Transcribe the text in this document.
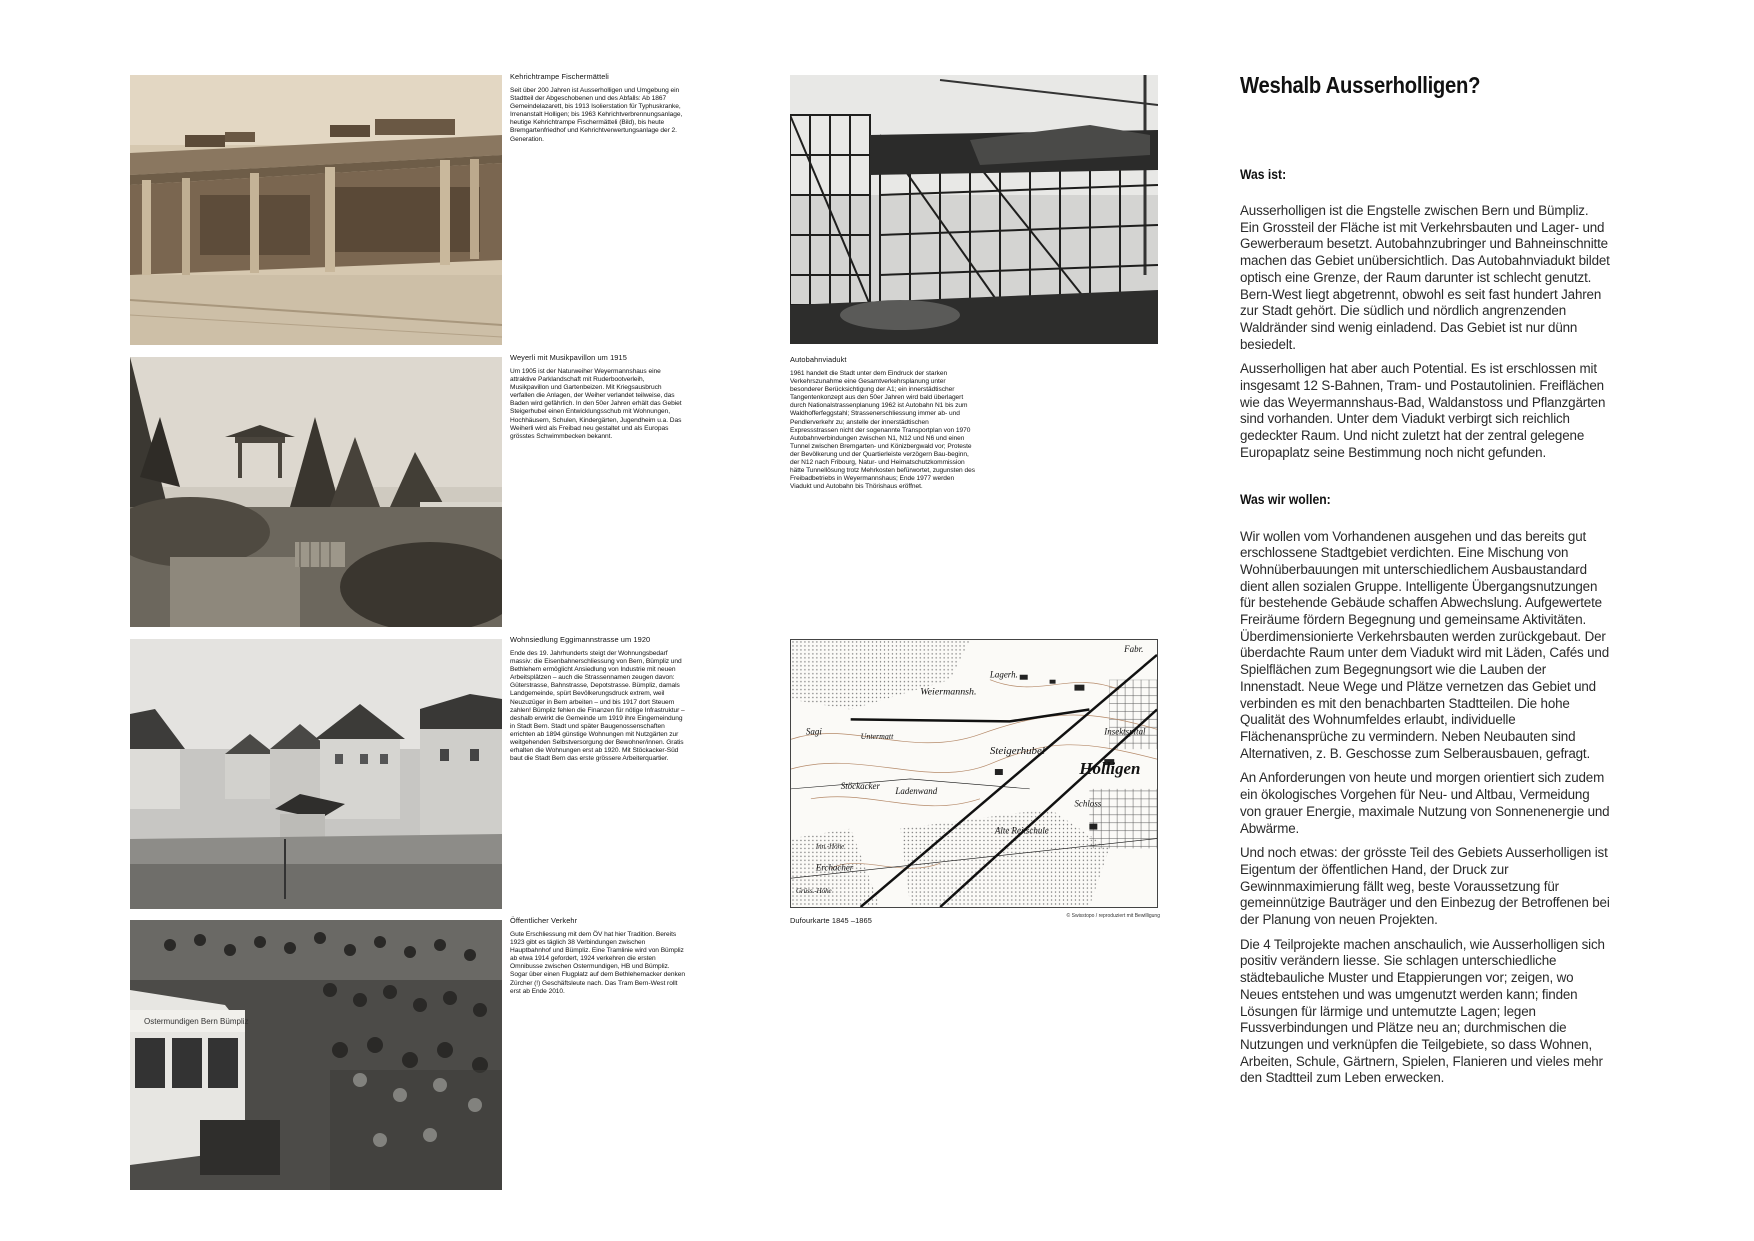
Kehrichtrampe Fischermätteli
Seit über 200 Jahren ist Ausserholligen und Umgebung ein Stadtteil der Abgeschobenen und des Abfalls: Ab 1867 Gemeindelazarett, bis 1913 Isolierstation für Typhuskranke, Irrenanstalt Holligen; bis 1963 Kehrichtverbrennungsanlage, heutige Kehrichtrampe Fischermätteli (Bild), bis heute Bremgartenfriedhof und Kehrichtverwertungsanlage der 2. Generation.
Weyerli mit Musikpavillon um 1915
Um 1905 ist der Naturweiher Weyermannshaus eine attraktive Parklandschaft mit Ruderbootverleih, Musikpavillon und Gartenbeizen. Mit Kriegsausbruch verfallen die Anlagen, der Weiher verlandet teilweise, das Baden wird gefährlich. In den 50er Jahren erhält das Gebiet Steigerhubel einen Entwicklungsschub mit Wohnungen, Hochhäusern, Schulen, Kindergärten, Jugendheim u.a. Das Weiherli wird als Freibad neu gestaltet und als Europas grösstes Schwimmbecken bekannt.
Wohnsiedlung Eggimannstrasse um 1920
Ende des 19. Jahrhunderts steigt der Wohnungsbedarf massiv: die Eisenbahnerschliessung von Bern, Bümpliz und Bethlehem ermöglicht Ansiedlung von Industrie mit neuen Arbeitsplätzen – auch die Strassennamen zeugen davon: Güterstrasse, Bahnstrasse, Depotstrasse. Bümpliz, damals Landgemeinde, spürt Bevölkerungsdruck extrem, weil Neuzuzüger in Bern arbeiten – und bis 1917 dort Steuern zahlen! Bümpliz fehlen die Finanzen für nötige Infrastruktur – deshalb erwirkt die Gemeinde um 1919 ihre Eingemeindung in Stadt Bern. Stadt und später Baugenossenschaften errichten ab 1894 günstige Wohnungen mit Nutzgärten zur weitgehenden Selbstversorgung der Bewohner/innen. Gratis erhalten die Wohnungen erst ab 1920. Mit Stöckacker-Süd baut die Stadt Bern das erste grössere Arbeiterquartier.
Ostermundigen Bern Bümpliz
Öffentlicher Verkehr
Gute Erschliessung mit dem ÖV hat hier Tradition. Bereits 1923 gibt es täglich 38 Verbindungen zwischen Hauptbahnhof und Bümpliz. Eine Tramlinie wird von Bümpliz ab etwa 1914 gefordert, 1924 verkehren die ersten Omnibusse zwischen Ostermundigen, HB und Bümpliz. Sogar über einen Flugplatz auf dem Bethlehemacker denken Zürcher (!) Geschäftsleute nach. Das Tram Bern-West rollt erst ab Ende 2010.
Autobahnviadukt
1961 handelt die Stadt unter dem Eindruck der starken Verkehrszunahme eine Gesamtverkehrsplanung unter besonderer Berücksichtigung der A1; ein innerstädtischer Tangentenkonzept aus den 50er Jahren wird bald überlagert durch Nationalstrassenplanung 1962 ist Autobahn N1 bis zum Waldhofferfeggstahl; Strassenerschliessung immer ab- und Pendlerverkehr zu; anstelle der innerstädtischen Expressstrassen nicht der sogenannte Transportplan von 1970 Autobahnverbindungen zwischen N1, N12 und N6 und einen Tunnel zwischen Bremgarten- und Könizbergwald vor; Proteste der Bevölkerung und der Quartierleiste verzögern Bau-beginn, der N12 nach Fribourg, Natur- und Heimatschutzkommission hätte Tunnellösung trotz Mehrkosten befürwortet, zugunsten des Freibadbetriebs in Weyermannshaus; Ende 1977 werden Viadukt und Autobahn bis Thörishaus eröffnet.
Weiermannsh.
Lagerh.
Holligen
Steigerhubel
Ladenwand
Schloss
Alte Reitschule
Erchacher
Sagi
Stöckacker
Insektspital
Fabr.
Untermatt
Grüss.-Höhe
Inn.-Höhe
Dufourkarte 1845 –1865	© Swisstopo / reproduziert mit Bewilligung
Weshalb Ausserholligen?
Was ist:
Ausserholligen ist die Engstelle zwischen Bern und Bümpliz. Ein Grossteil der Fläche ist mit Verkehrsbauten und Lager- und Gewerberaum besetzt. Autobahnzubringer und Bahneinschnitte machen das Gebiet unübersichtlich. Das Autobahnviadukt bildet optisch eine Grenze, der Raum darunter ist schlecht genutzt. Bern-West liegt abgetrennt, obwohl es seit fast hundert Jahren zur Stadt gehört. Die südlich und nördlich angrenzenden Waldränder sind wenig einladend. Das Gebiet ist nur dünn besiedelt.
Ausserholligen hat aber auch Potential. Es ist erschlossen mit insgesamt 12 S-Bahnen, Tram- und Postautolinien. Freiflächen wie das Weyermannshaus-Bad, Waldanstoss und Pflanzgärten sind vorhanden. Unter dem Viadukt verbirgt sich reichlich gedeckter Raum. Und nicht zuletzt hat der zentral gelegene Europaplatz seine Bestimmung noch nicht gefunden.
Was wir wollen:
Wir wollen vom Vorhandenen ausgehen und das bereits gut erschlossene Stadtgebiet verdichten. Eine Mischung von Wohnüberbauungen mit unterschiedlichem Ausbaustandard dient allen sozialen Gruppe. Intelligente Übergangsnutzungen für bestehende Gebäude schaffen Abwechslung. Aufgewertete Freiräume fördern Begegnung und gemeinsame Aktivitäten. Überdimensionierte Verkehrsbauten werden zurückgebaut. Der überdachte Raum unter dem Viadukt wird mit Läden, Cafés und Spielflächen zum Begegnungsort wie die Lauben der Innenstadt. Neue Wege und Plätze vernetzen das Gebiet und verbinden es mit den benachbarten Stadtteilen. Die hohe Qualität des Wohnumfeldes erlaubt, individuelle Flächenansprüche zu vermindern. Neben Neubauten sind Alternativen, z. B. Geschosse zum Selberausbauen, gefragt.
An Anforderungen von heute und morgen orientiert sich zudem ein ökologisches Vorgehen für Neu- und Altbau, Vermeidung von grauer Energie, maximale Nutzung von Sonnenenergie und Abwärme.
Und noch etwas: der grösste Teil des Gebiets Ausserholligen ist Eigentum der öffentlichen Hand, der Druck zur Gewinnmaximierung fällt weg, beste Voraussetzung für gemeinnützige Bauträger und den Einbezug der Betroffenen bei der Planung von neuen Projekten.
Die 4 Teilprojekte machen anschaulich, wie Ausserholligen sich positiv verändern liesse. Sie schlagen unterschiedliche städtebauliche Muster und Etappierungen vor; zeigen, wo Neues entstehen und was umgenutzt werden kann; finden Lösungen für lärmige und untemutzte Lagen; legen Fussverbindungen und Plätze neu an; durchmischen die Nutzungen und verknüpfen die Teilgebiete, so dass Wohnen, Arbeiten, Schule, Gärtnern, Spielen, Flanieren und vieles mehr den Stadtteil zum Leben erwecken.
